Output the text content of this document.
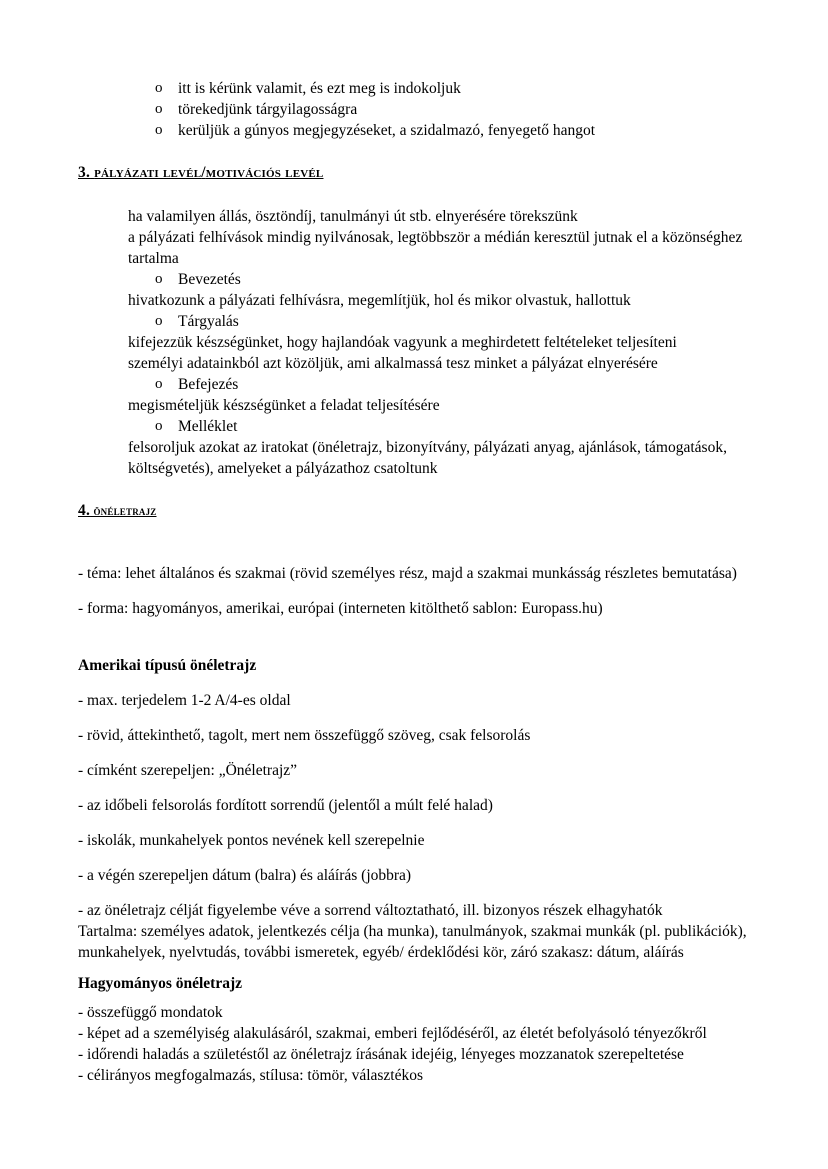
o itt is kérünk valamit, és ezt meg is indokoljuk
o törekedjünk tárgyilagosságra
o kerüljük a gúnyos megjegyzéseket, a szidalmazó, fenyegető hangot
3. pályázati levél/motivációs levél

ha valamilyen állás, ösztöndíj, tanulmányi út stb. elnyerésére törekszünk

a pályázati felhívások mindig nyilvánosak, legtöbbször a médián keresztül jutnak el a közönséghez

tartalma

o Bevezetés
hivatkozunk a pályázati felhívásra, megemlítjük, hol és mikor olvastuk, hallottuk
o Tárgyalás
kifejezzük készségünket, hogy hajlandóak vagyunk a meghirdetett feltételeket teljesíteni
személyi adatainkból azt közöljük, ami alkalmassá tesz minket a pályázat elnyerésére
o Befejezés
megismételjük készségünket a feladat teljesítésére
o Melléklet
felsoroljuk azokat az iratokat (önéletrajz, bizonyítvány, pályázati anyag, ajánlások, támogatások, költségvetés), amelyeket a pályázathoz csatoltunk
4. önéletrajz

- téma: lehet általános és szakmai (rövid személyes rész, majd a szakmai munkásság részletes bemutatása)

- forma: hagyományos, amerikai, európai (interneten kitölthető sablon: Europass.hu)

Amerikai típusú önéletrajz

- max. terjedelem 1-2 A/4-es oldal

- rövid, áttekinthető, tagolt, mert nem összefüggő szöveg, csak felsorolás

- címként szerepeljen: „Önéletrajz”

- az időbeli felsorolás fordított sorrendű (jelentől a múlt felé halad)

- iskolák, munkahelyek pontos nevének kell szerepelnie

- a végén szerepeljen dátum (balra) és aláírás (jobbra)

- az önéletrajz célját figyelembe véve a sorrend változtatható, ill. bizonyos részek elhagyhatók

Tartalma: személyes adatok, jelentkezés célja (ha munka), tanulmányok, szakmai munkák (pl. publikációk), munkahelyek, nyelvtudás, további ismeretek, egyéb/ érdeklődési kör, záró szakasz: dátum, aláírás

Hagyományos önéletrajz

- összefüggő mondatok

- képet ad a személyiség alakulásáról, szakmai, emberi fejlődéséről, az életét befolyásoló tényezőkről

- időrendi haladás a születéstől az önéletrajz írásának idejéig, lényeges mozzanatok szerepeltetése

- célirányos megfogalmazás, stílusa: tömör, választékos
